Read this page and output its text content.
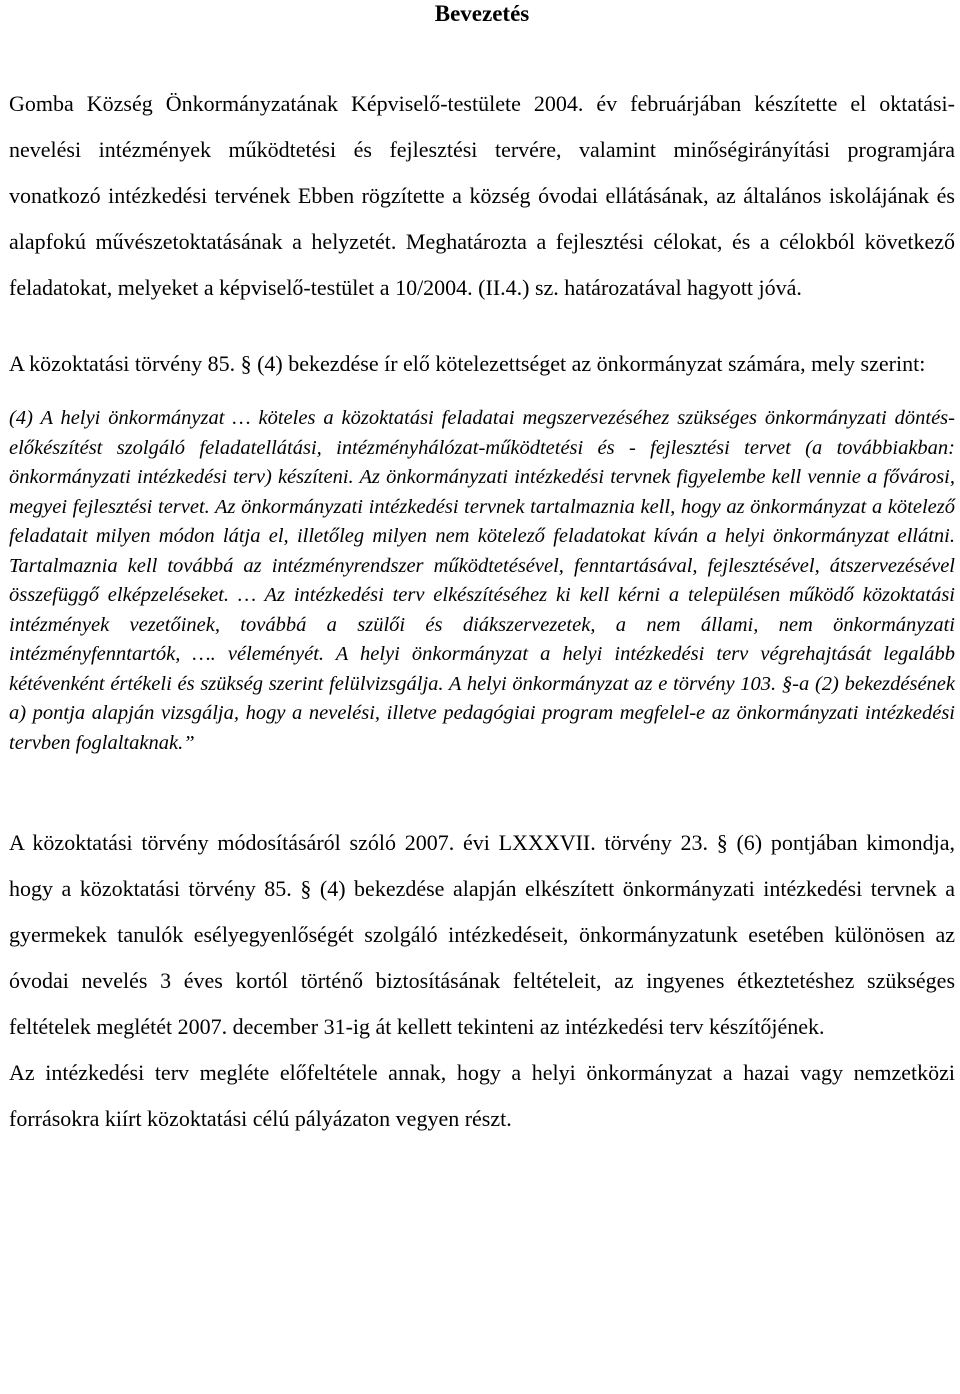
Bevezetés

Gomba Község Önkormányzatának Képviselő-testülete 2004. év februárjában készítette el oktatási- nevelési intézmények működtetési és fejlesztési tervére, valamint minőségirányítási programjára vonatkozó intézkedési tervének Ebben rögzítette a község óvodai ellátásának, az általános iskolájának és alapfokú művészetoktatásának a helyzetét. Meghatározta a fejlesztési célokat, és a célokból következő feladatokat, melyeket a képviselő-testület a 10/2004. (II.4.) sz. határozatával hagyott jóvá.

A közoktatási törvény 85. § (4) bekezdése ír elő kötelezettséget az önkormányzat számára, mely szerint:

(4) A helyi önkormányzat … köteles a közoktatási feladatai megszervezéséhez szükséges önkormányzati döntés-előkészítést szolgáló feladatellátási, intézményhálózat-működtetési és - fejlesztési tervet (a továbbiakban: önkormányzati intézkedési terv) készíteni. Az önkormányzati intézkedési tervnek figyelembe kell vennie a fővárosi, megyei fejlesztési tervet. Az önkormányzati intézkedési tervnek tartalmaznia kell, hogy az önkormányzat a kötelező feladatait milyen módon látja el, illetőleg milyen nem kötelező feladatokat kíván a helyi önkormányzat ellátni. Tartalmaznia kell továbbá az intézményrendszer működtetésével, fenntartásával, fejlesztésével, átszervezésével összefüggő elképzeléseket. … Az intézkedési terv elkészítéséhez ki kell kérni a településen működő közoktatási intézmények vezetőinek, továbbá a szülői és diákszervezetek, a nem állami, nem önkormányzati intézményfenntartók, …. véleményét. A helyi önkormányzat a helyi intézkedési terv végrehajtását legalább kétévenként értékeli és szükség szerint felülvizsgálja. A helyi önkormányzat az e törvény 103. §-a (2) bekezdésének a) pontja alapján vizsgálja, hogy a nevelési, illetve pedagógiai program megfelel-e az önkormányzati intézkedési tervben foglaltaknak.”

A közoktatási törvény módosításáról szóló 2007. évi LXXXVII. törvény 23. § (6) pontjában kimondja, hogy a közoktatási törvény 85. § (4) bekezdése alapján elkészített önkormányzati intézkedési tervnek a gyermekek tanulók esélyegyenlőségét szolgáló intézkedéseit, önkormányzatunk esetében különösen az óvodai nevelés 3 éves kortól történő biztosításának feltételeit, az ingyenes étkeztetéshez szükséges feltételek meglétét 2007. december 31-ig át kellett tekinteni az intézkedési terv készítőjének.

Az intézkedési terv megléte előfeltétele annak, hogy a helyi önkormányzat a hazai vagy nemzetközi forrásokra kiírt közoktatási célú pályázaton vegyen részt.
